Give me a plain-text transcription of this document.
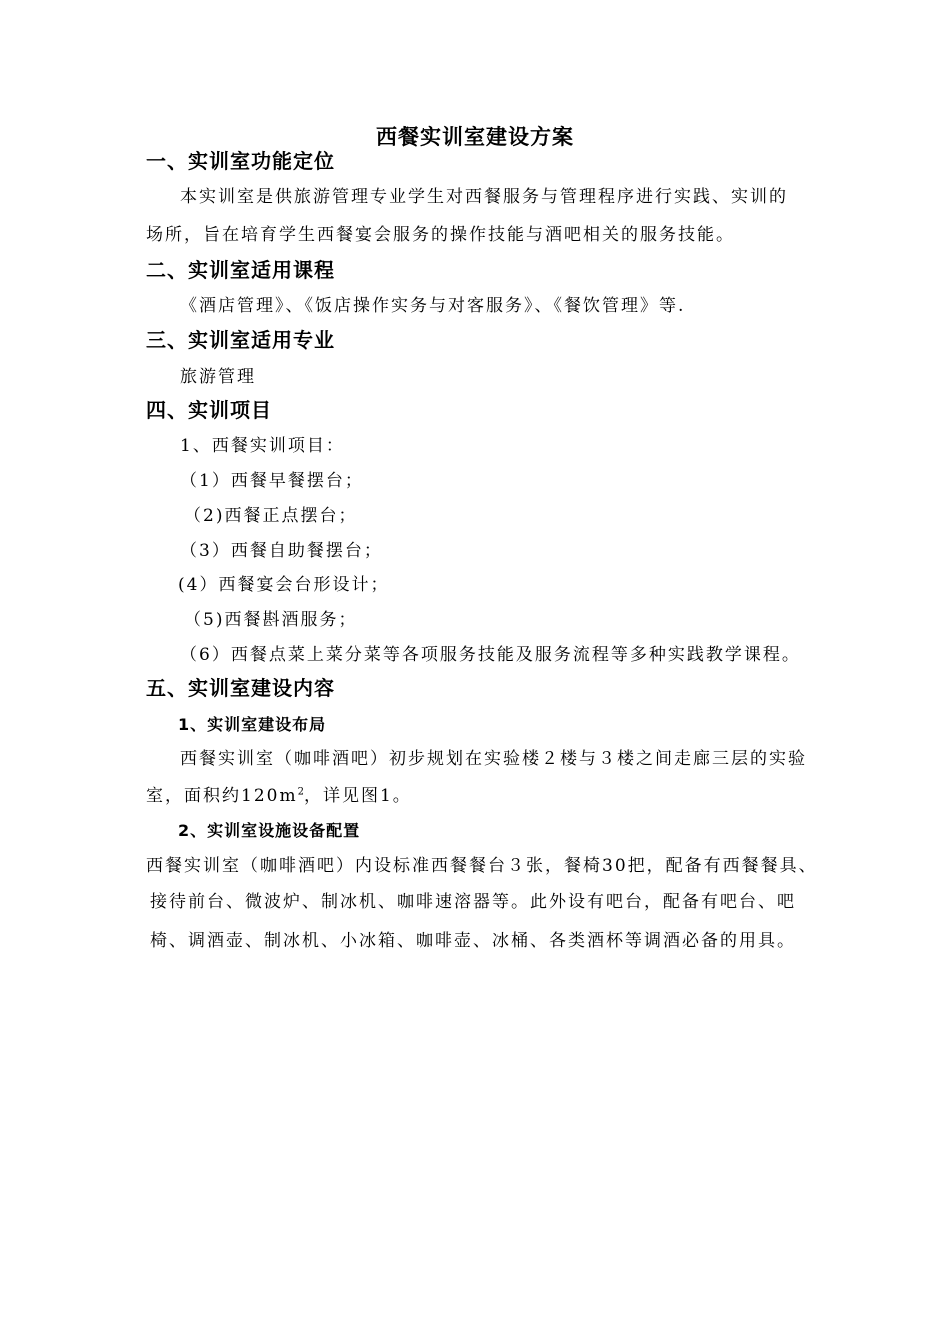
西餐实训室建设方案
一、实训室功能定位
本实训室是供旅游管理专业学生对西餐服务与管理程序进行实践、实训的
场所，旨在培育学生西餐宴会服务的操作技能与酒吧相关的服务技能。
二、实训室适用课程
《酒店管理》、《饭店操作实务与对客服务》、《餐饮管理》等.
三、实训室适用专业
旅游管理
四、实训项目
1、西餐实训项目：
（1）西餐早餐摆台；
（2)西餐正点摆台；
（3）西餐自助餐摆台；
(4）西餐宴会台形设计；
（5)西餐斟酒服务；
（6）西餐点菜上菜分菜等各项服务技能及服务流程等多种实践教学课程。
五、实训室建设内容
1、实训室建设布局
西餐实训室（咖啡酒吧）初步规划在实验楼２楼与３楼之间走廊三层的实验
室，面积约$120m^2$，详见图1。
2、实训室设施设备配置
西餐实训室（咖啡酒吧）内设标准西餐餐台３张，餐椅30把，配备有西餐餐具、
接待前台、微波炉、制冰机、咖啡速溶器等。此外设有吧台，配备有吧台、吧
椅、调酒壶、制冰机、小冰箱、咖啡壶、冰桶、各类酒杯等调酒必备的用具。
